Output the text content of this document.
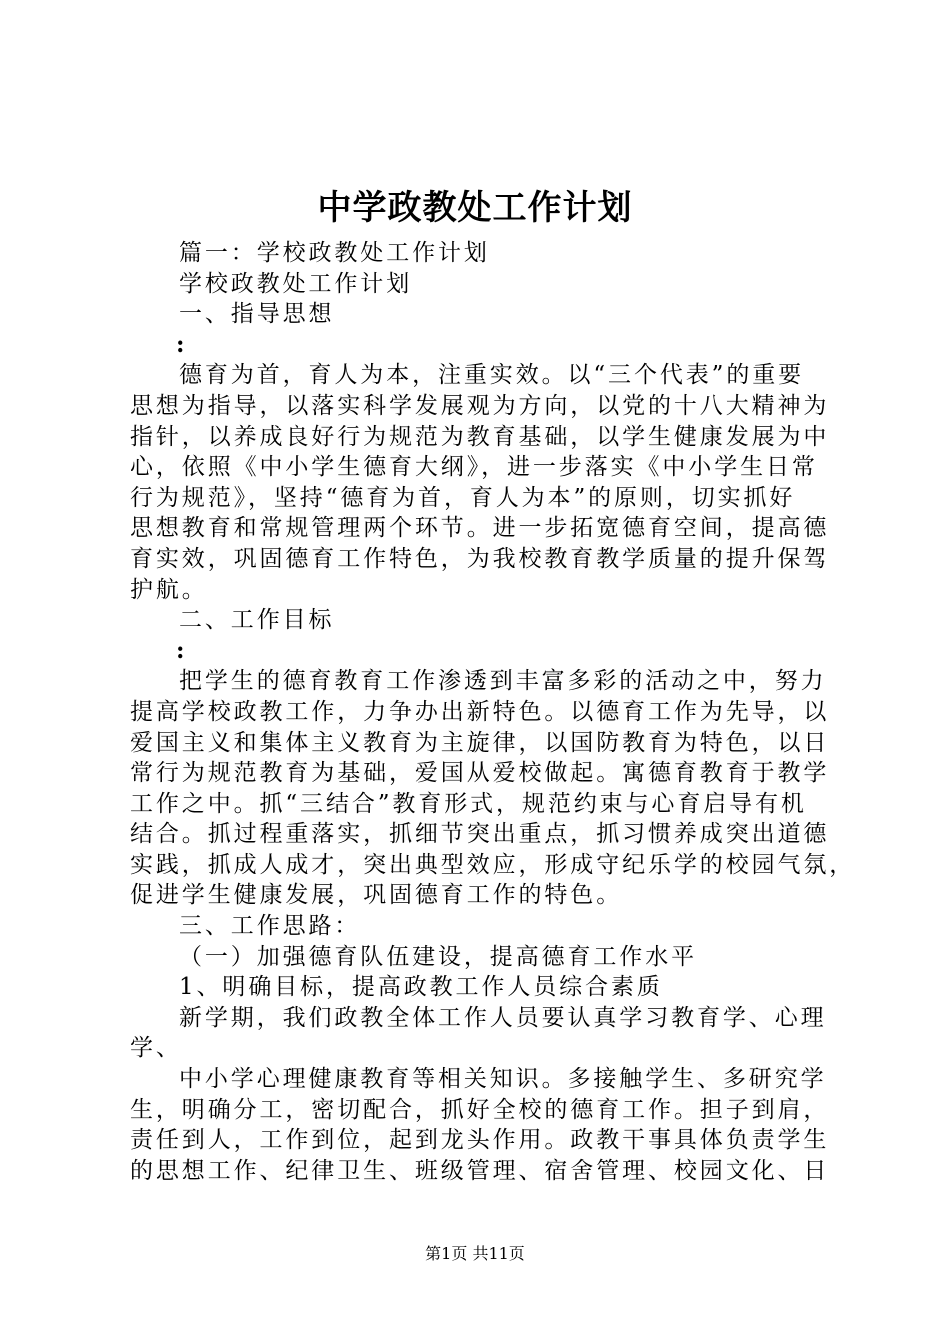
中学政教处工作计划
篇一：学校政教处工作计划
学校政教处工作计划
一、指导思想
:
德育为首，育人为本，注重实效。以“三个代表”的重要
思想为指导，以落实科学发展观为方向，以党的十八大精神为
指针，以养成良好行为规范为教育基础，以学生健康发展为中
心，依照《中小学生德育大纲》，进一步落实《中小学生日常
行为规范》，坚持“德育为首，育人为本”的原则，切实抓好
思想教育和常规管理两个环节。进一步拓宽德育空间，提高德
育实效，巩固德育工作特色，为我校教育教学质量的提升保驾
护航。
二、工作目标
:
把学生的德育教育工作渗透到丰富多彩的活动之中，努力
提高学校政教工作，力争办出新特色。以德育工作为先导，以
爱国主义和集体主义教育为主旋律，以国防教育为特色，以日
常行为规范教育为基础，爱国从爱校做起。寓德育教育于教学
工作之中。抓“三结合”教育形式，规范约束与心育启导有机
结合。抓过程重落实，抓细节突出重点，抓习惯养成突出道德
实践，抓成人成才，突出典型效应，形成守纪乐学的校园气氛，
促进学生健康发展，巩固德育工作的特色。
三、工作思路：
（一）加强德育队伍建设，提高德育工作水平
1、明确目标，提高政教工作人员综合素质
新学期，我们政教全体工作人员要认真学习教育学、心理
学、
中小学心理健康教育等相关知识。多接触学生、多研究学
生，明确分工，密切配合，抓好全校的德育工作。担子到肩，
责任到人，工作到位，起到龙头作用。政教干事具体负责学生
的思想工作、纪律卫生、班级管理、宿舍管理、校园文化、日
第1页 共11页
